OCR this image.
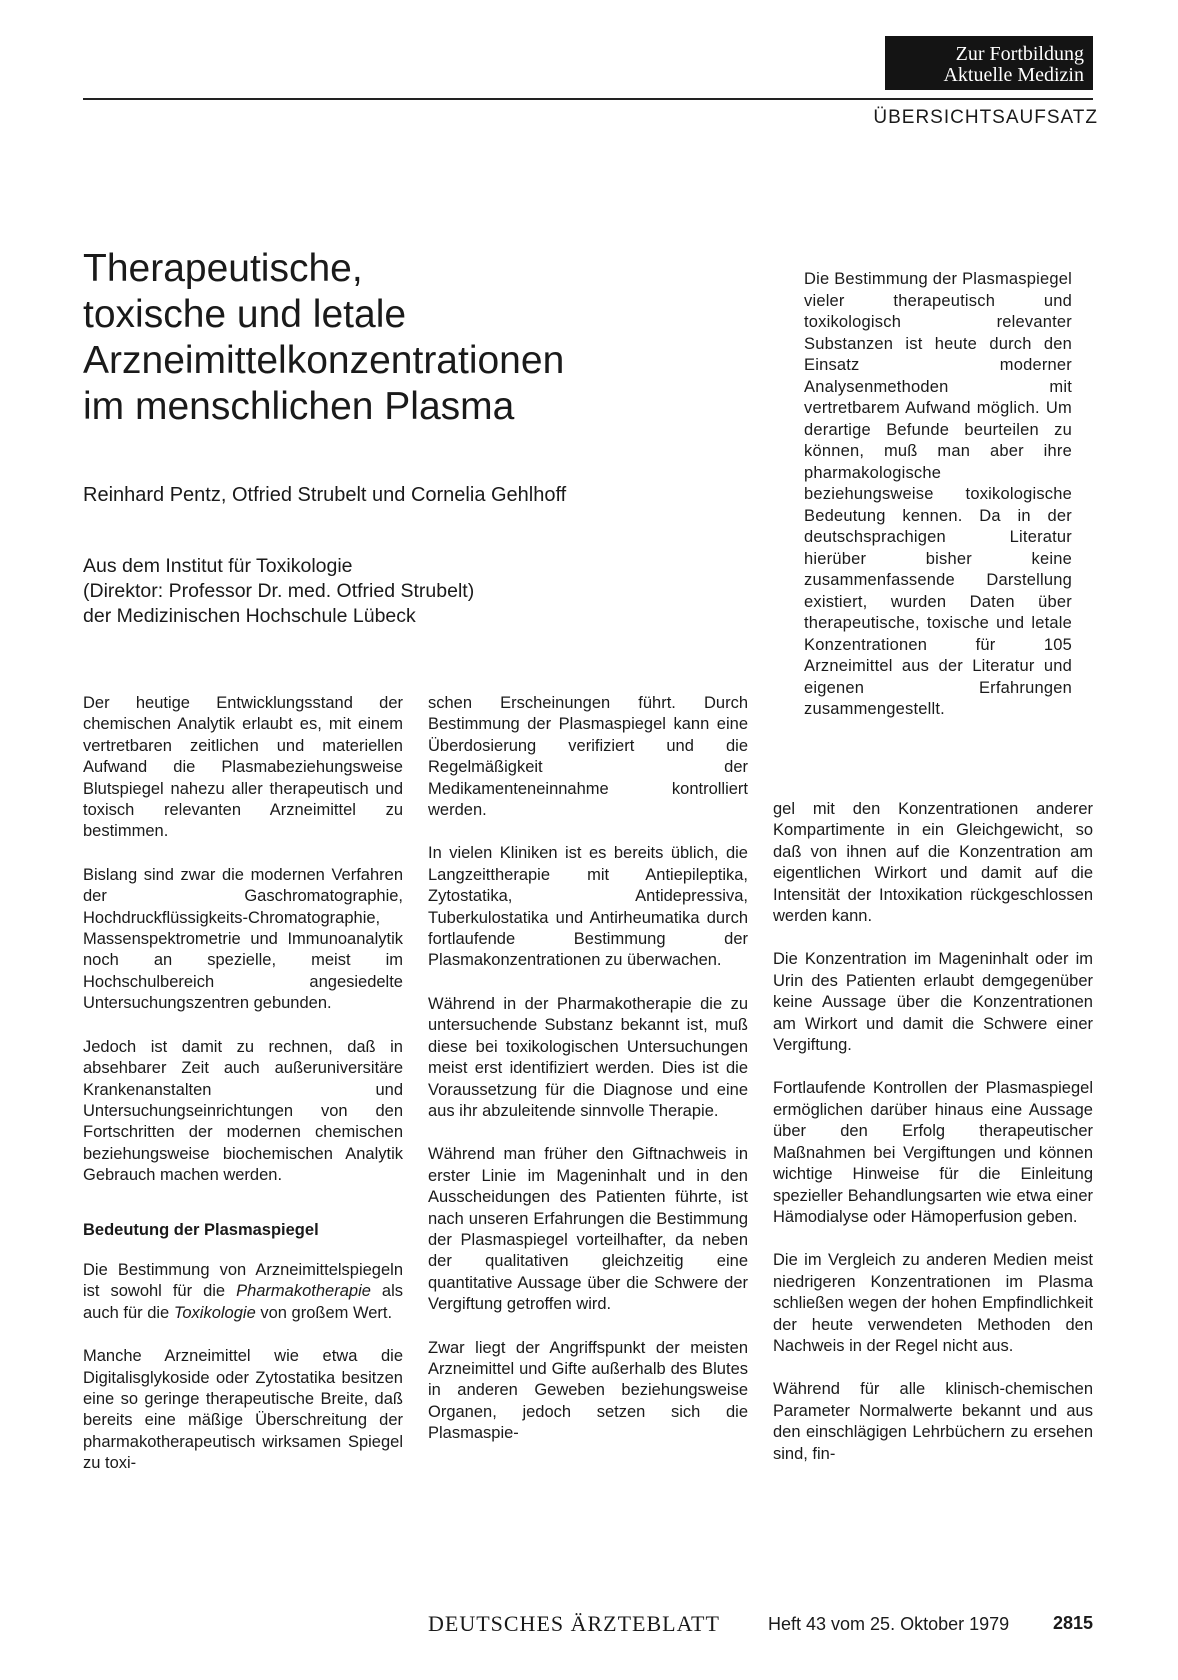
Zur Fortbildung
Aktuelle Medizin
ÜBERSICHTSAUFSATZ
Therapeutische,
toxische und letale
Arzneimittelkonzentrationen
im menschlichen Plasma
Reinhard Pentz, Otfried Strubelt und Cornelia Gehlhoff
Aus dem Institut für Toxikologie
(Direktor: Professor Dr. med. Otfried Strubelt)
der Medizinischen Hochschule Lübeck
Die Bestimmung der Plasmaspiegel vieler therapeutisch und toxikologisch relevanter Substanzen ist heute durch den Einsatz moderner Analysenmethoden mit vertretbarem Aufwand möglich. Um derartige Befunde beurteilen zu können, muß man aber ihre pharmakologische beziehungsweise toxikologische Bedeutung kennen. Da in der deutschsprachigen Literatur hierüber bisher keine zusammenfassende Darstellung existiert, wurden Daten über therapeutische, toxische und letale Konzentrationen für 105 Arzneimittel aus der Literatur und eigenen Erfahrungen zusammengestellt.

Der heutige Entwicklungsstand der chemischen Analytik erlaubt es, mit einem vertretbaren zeitlichen und materiellen Aufwand die Plasmabeziehungsweise Blutspiegel nahezu aller therapeutisch und toxisch relevanten Arzneimittel zu bestimmen.

Bislang sind zwar die modernen Verfahren der Gaschromatographie, Hochdruckflüssigkeits-Chromatographie, Massenspektrometrie und Immunoanalytik noch an spezielle, meist im Hochschulbereich angesiedelte Untersuchungszentren gebunden.

Jedoch ist damit zu rechnen, daß in absehbarer Zeit auch außeruniversitäre Krankenanstalten und Untersuchungseinrichtungen von den Fortschritten der modernen chemischen beziehungsweise biochemischen Analytik Gebrauch machen werden.

Bedeutung der Plasmaspiegel

Die Bestimmung von Arzneimittelspiegeln ist sowohl für die Pharmakotherapie als auch für die Toxikologie von großem Wert.

Manche Arzneimittel wie etwa die Digitalisglykoside oder Zytostatika besitzen eine so geringe therapeutische Breite, daß bereits eine mäßige Überschreitung der pharmakotherapeutisch wirksamen Spiegel zu toxi-

schen Erscheinungen führt. Durch Bestimmung der Plasmaspiegel kann eine Überdosierung verifiziert und die Regelmäßigkeit der Medikamenteneinnahme kontrolliert werden.

In vielen Kliniken ist es bereits üblich, die Langzeittherapie mit Antiepileptika, Zytostatika, Antidepressiva, Tuberkulostatika und Antirheumatika durch fortlaufende Bestimmung der Plasmakonzentrationen zu überwachen.

Während in der Pharmakotherapie die zu untersuchende Substanz bekannt ist, muß diese bei toxikologischen Untersuchungen meist erst identifiziert werden. Dies ist die Voraussetzung für die Diagnose und eine aus ihr abzuleitende sinnvolle Therapie.

Während man früher den Giftnachweis in erster Linie im Mageninhalt und in den Ausscheidungen des Patienten führte, ist nach unseren Erfahrungen die Bestimmung der Plasmaspiegel vorteilhafter, da neben der qualitativen gleichzeitig eine quantitative Aussage über die Schwere der Vergiftung getroffen wird.

Zwar liegt der Angriffspunkt der meisten Arzneimittel und Gifte außerhalb des Blutes in anderen Geweben beziehungsweise Organen, jedoch setzen sich die Plasmaspie-

gel mit den Konzentrationen anderer Kompartimente in ein Gleichgewicht, so daß von ihnen auf die Konzentration am eigentlichen Wirkort und damit auf die Intensität der Intoxikation rückgeschlossen werden kann.

Die Konzentration im Mageninhalt oder im Urin des Patienten erlaubt demgegenüber keine Aussage über die Konzentrationen am Wirkort und damit die Schwere einer Vergiftung.

Fortlaufende Kontrollen der Plasmaspiegel ermöglichen darüber hinaus eine Aussage über den Erfolg therapeutischer Maßnahmen bei Vergiftungen und können wichtige Hinweise für die Einleitung spezieller Behandlungsarten wie etwa einer Hämodialyse oder Hämoperfusion geben.

Die im Vergleich zu anderen Medien meist niedrigeren Konzentrationen im Plasma schließen wegen der hohen Empfindlichkeit der heute verwendeten Methoden den Nachweis in der Regel nicht aus.

Während für alle klinisch-chemischen Parameter Normalwerte bekannt und aus den einschlägigen Lehrbüchern zu ersehen sind, fin-

DEUTSCHES ÄRZTEBLATT	Heft 43 vom 25. Oktober 1979 2815
